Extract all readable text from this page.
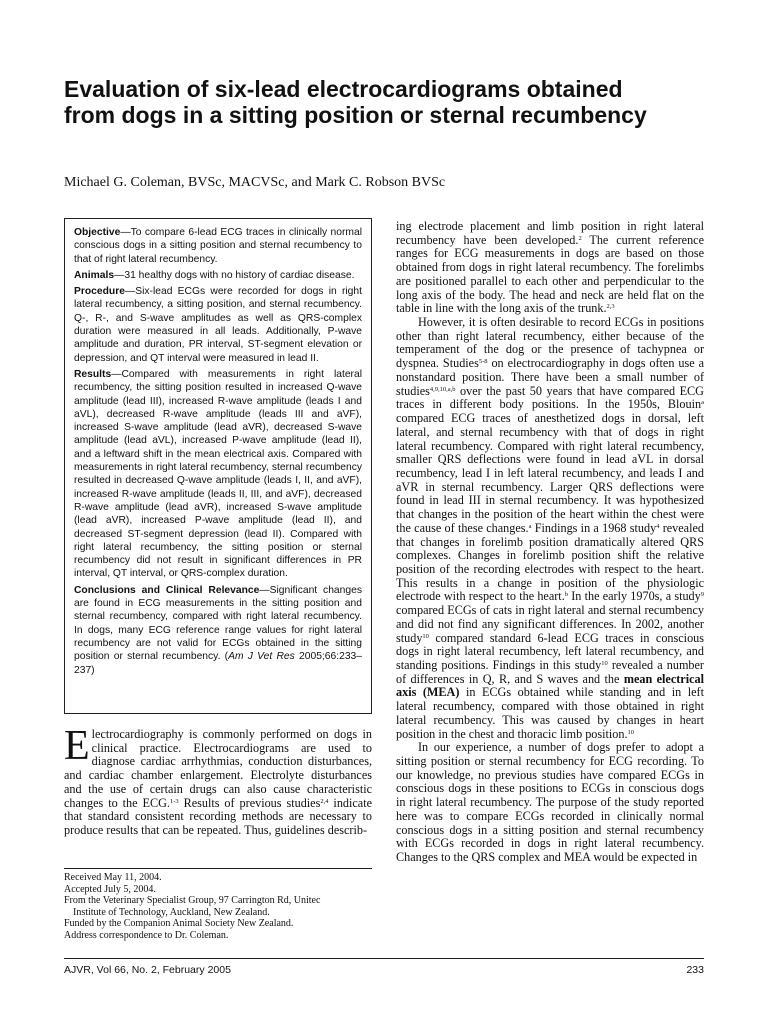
Evaluation of six-lead electrocardiograms obtained from dogs in a sitting position or sternal recumbency
Michael G. Coleman, BVSc, MACVSc, and Mark C. Robson BVSc

Objective—To compare 6-lead ECG traces in clinically normal conscious dogs in a sitting position and sternal recumbency to that of right lateral recumbency.

Animals—31 healthy dogs with no history of cardiac disease.

Procedure—Six-lead ECGs were recorded for dogs in right lateral recumbency, a sitting position, and sternal recumbency. Q-, R-, and S-wave amplitudes as well as QRS-complex duration were measured in all leads. Additionally, P-wave amplitude and duration, PR interval, ST-segment elevation or depression, and QT interval were measured in lead II.

Results—Compared with measurements in right lateral recumbency, the sitting position resulted in increased Q-wave amplitude (lead III), increased R-wave amplitude (leads I and aVL), decreased R-wave amplitude (leads III and aVF), increased S-wave amplitude (lead aVR), decreased S-wave amplitude (lead aVL), increased P-wave amplitude (lead II), and a leftward shift in the mean electrical axis. Compared with measurements in right lateral recumbency, sternal recumbency resulted in decreased Q-wave amplitude (leads I, II, and aVF), increased R-wave amplitude (leads II, III, and aVF), decreased R-wave amplitude (lead aVR), increased S-wave amplitude (lead aVR), increased P-wave amplitude (lead II), and decreased ST-segment depression (lead II). Compared with right lateral recumbency, the sitting position or sternal recumbency did not result in significant differences in PR interval, QT interval, or QRS-complex duration.

Conclusions and Clinical Relevance—Significant changes are found in ECG measurements in the sitting position and sternal recumbency, compared with right lateral recumbency. In dogs, many ECG reference range values for right lateral recumbency are not valid for ECGs obtained in the sitting position or sternal recumbency. (Am J Vet Res 2005;66:233–237)

Electrocardiography is commonly performed on dogs in clinical practice. Electrocardiograms are used to diagnose cardiac arrhythmias, conduction disturbances, and cardiac chamber enlargement. Electrolyte disturbances and the use of certain drugs can also cause characteristic changes to the ECG.$^{1-3}$ Results of previous studies$^{2,4}$ indicate that standard consistent recording methods are necessary to produce results that can be repeated. Thus, guidelines describ-

ing electrode placement and limb position in right lateral recumbency have been developed.$^2$ The current reference ranges for ECG measurements in dogs are based on those obtained from dogs in right lateral recumbency. The forelimbs are positioned parallel to each other and perpendicular to the long axis of the body. The head and neck are held flat on the table in line with the long axis of the trunk.$^{2,3}$

However, it is often desirable to record ECGs in positions other than right lateral recumbency, either because of the temperament of the dog or the presence of tachypnea or dyspnea. Studies$^{5-8}$ on electrocardiography in dogs often use a nonstandard position. There have been a small number of studies$^{4,9,10,a,b}$ over the past 50 years that have compared ECG traces in different body positions. In the 1950s, Blouin$^a$ compared ECG traces of anesthetized dogs in dorsal, left lateral, and sternal recumbency with that of dogs in right lateral recumbency. Compared with right lateral recumbency, smaller QRS deflections were found in lead aVL in dorsal recumbency, lead I in left lateral recumbency, and leads I and aVR in sternal recumbency. Larger QRS deflections were found in lead III in sternal recumbency. It was hypothesized that changes in the position of the heart within the chest were the cause of these changes.$^a$ Findings in a 1968 study$^4$ revealed that changes in forelimb position dramatically altered QRS complexes. Changes in forelimb position shift the relative position of the recording electrodes with respect to the heart. This results in a change in position of the physiologic electrode with respect to the heart.$^b$ In the early 1970s, a study$^9$ compared ECGs of cats in right lateral and sternal recumbency and did not find any significant differences. In 2002, another study$^{10}$ compared standard 6-lead ECG traces in conscious dogs in right lateral recumbency, left lateral recumbency, and standing positions. Findings in this study$^{10}$ revealed a number of differences in Q, R, and S waves and the mean electrical axis (MEA) in ECGs obtained while standing and in left lateral recumbency, compared with those obtained in right lateral recumbency. This was caused by changes in heart position in the chest and thoracic limb position.$^{10}$

In our experience, a number of dogs prefer to adopt a sitting position or sternal recumbency for ECG recording. To our knowledge, no previous studies have compared ECGs in conscious dogs in these positions to ECGs in conscious dogs in right lateral recumbency. The purpose of the study reported here was to compare ECGs recorded in clinically normal conscious dogs in a sitting position and sternal recumbency with ECGs recorded in dogs in right lateral recumbency. Changes to the QRS complex and MEA would be expected in

Received May 11, 2004.

Accepted July 5, 2004.

From the Veterinary Specialist Group, 97 Carrington Rd, Unitec

Institute of Technology, Auckland, New Zealand.

Funded by the Companion Animal Society New Zealand.

Address correspondence to Dr. Coleman.

AJVR, Vol 66, No. 2, February 2005	233
